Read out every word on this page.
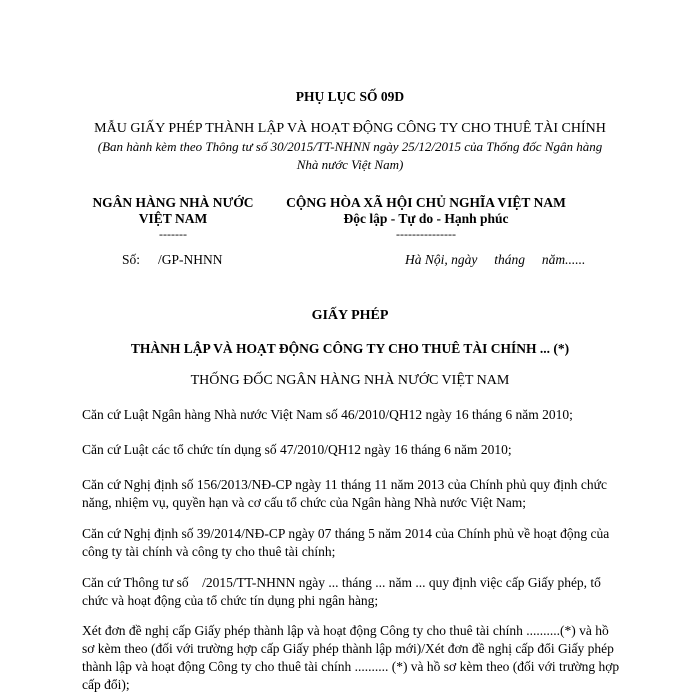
PHỤ LỤC SỐ 09D
MẪU GIẤY PHÉP THÀNH LẬP VÀ HOẠT ĐỘNG CÔNG TY CHO THUÊ TÀI CHÍNH
(Ban hành kèm theo Thông tư số 30/2015/TT-NHNN ngày 25/12/2015 của Thống đốc Ngân hàng
Nhà nước Việt Nam)
NGÂN HÀNG NHÀ NƯỚC
VIỆT NAM
-------
Số: /GP-NHNN
CỘNG HÒA XÃ HỘI CHỦ NGHĨA VIỆT NAM
Độc lập - Tự do - Hạnh phúc
---------------
Hà Nội, ngày     tháng     năm......
GIẤY PHÉP
THÀNH LẬP VÀ HOẠT ĐỘNG CÔNG TY CHO THUÊ TÀI CHÍNH ... (*)
THỐNG ĐỐC NGÂN HÀNG NHÀ NƯỚC VIỆT NAM
Căn cứ Luật Ngân hàng Nhà nước Việt Nam số 46/2010/QH12 ngày 16 tháng 6 năm 2010;
Căn cứ Luật các tổ chức tín dụng số 47/2010/QH12 ngày 16 tháng 6 năm 2010;
Căn cứ Nghị định số 156/2013/NĐ-CP ngày 11 tháng 11 năm 2013 của Chính phủ quy định chức năng, nhiệm vụ, quyền hạn và cơ cấu tổ chức của Ngân hàng Nhà nước Việt Nam;
Căn cứ Nghị định số 39/2014/NĐ-CP ngày 07 tháng 5 năm 2014 của Chính phủ về hoạt động của công ty tài chính và công ty cho thuê tài chính;
Căn cứ Thông tư số    /2015/TT-NHNN ngày ... tháng ... năm ... quy định việc cấp Giấy phép, tổ chức và hoạt động của tổ chức tín dụng phi ngân hàng;
Xét đơn đề nghị cấp Giấy phép thành lập và hoạt động Công ty cho thuê tài chính ..........(*) và hồ sơ kèm theo (đối với trường hợp cấp Giấy phép thành lập mới)/Xét đơn đề nghị cấp đổi Giấy phép thành lập và hoạt động Công ty cho thuê tài chính .......... (*) và hồ sơ kèm theo (đối với trường hợp cấp đổi);
